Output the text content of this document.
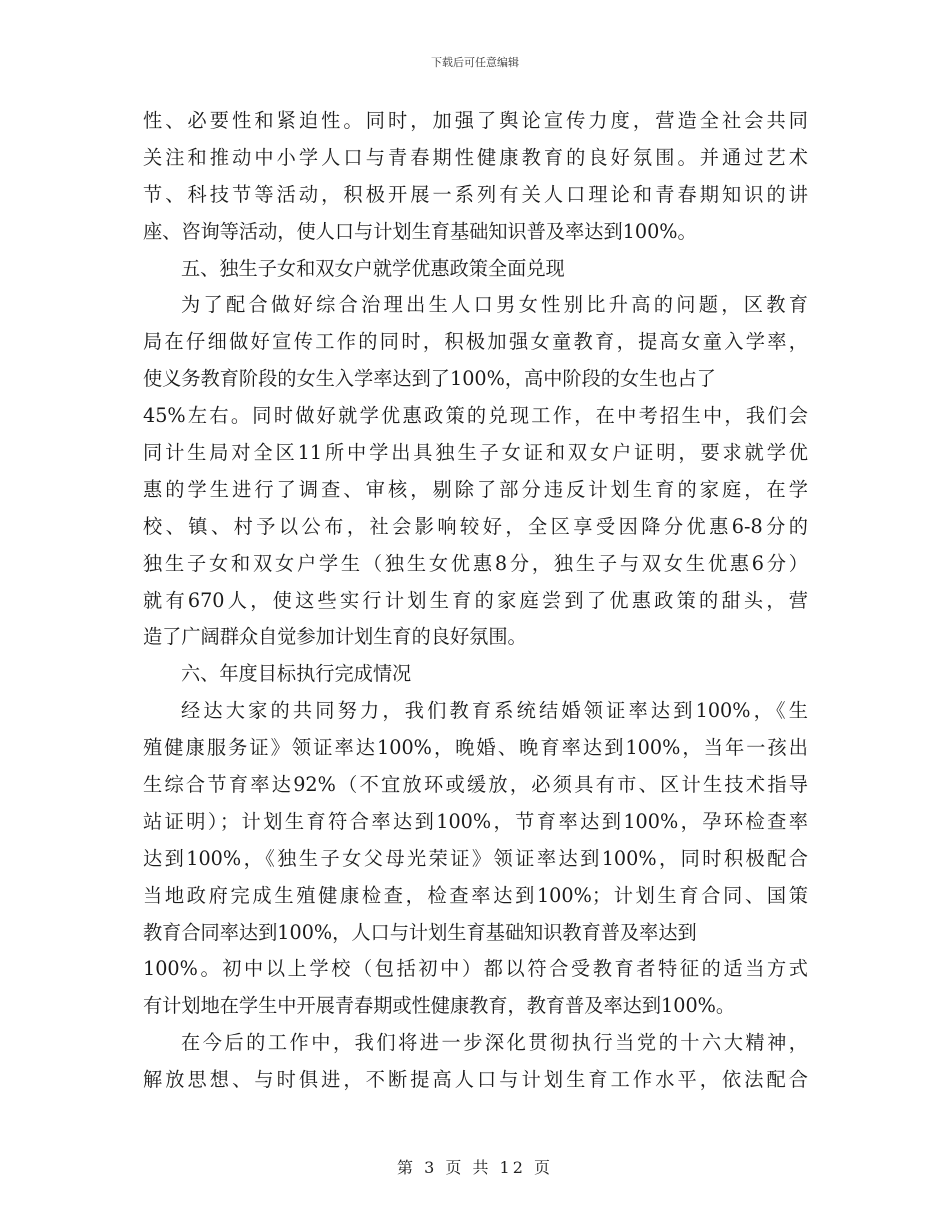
下载后可任意编辑
性、必要性和紧迫性。同时，加强了舆论宣传力度，营造全社会共同
关注和推动中小学人口与青春期性健康教育的良好氛围。并通过艺术
节、科技节等活动，积极开展一系列有关人口理论和青春期知识的讲
座、咨询等活动，使人口与计划生育基础知识普及率达到100%。
五、独生子女和双女户就学优惠政策全面兑现
为了配合做好综合治理出生人口男女性别比升高的问题，区教育
局在仔细做好宣传工作的同时，积极加强女童教育，提高女童入学率，
使义务教育阶段的女生入学率达到了100%，高中阶段的女生也占了
45%左右。同时做好就学优惠政策的兑现工作，在中考招生中，我们会
同计生局对全区11所中学出具独生子女证和双女户证明，要求就学优
惠的学生进行了调查、审核，剔除了部分违反计划生育的家庭，在学
校、镇、村予以公布，社会影响较好，全区享受因降分优惠6-8分的
独生子女和双女户学生（独生女优惠8分，独生子与双女生优惠6分）
就有670人，使这些实行计划生育的家庭尝到了优惠政策的甜头，营
造了广阔群众自觉参加计划生育的良好氛围。
六、年度目标执行完成情况
经达大家的共同努力，我们教育系统结婚领证率达到100%，《生
殖健康服务证》领证率达100%，晚婚、晚育率达到100%，当年一孩出
生综合节育率达92%（不宜放环或缓放，必须具有市、区计生技术指导
站证明）；计划生育符合率达到100%，节育率达到100%，孕环检查率
达到100%，《独生子女父母光荣证》领证率达到100%，同时积极配合
当地政府完成生殖健康检查，检查率达到100%；计划生育合同、国策
教育合同率达到100%，人口与计划生育基础知识教育普及率达到
100%。初中以上学校（包括初中）都以符合受教育者特征的适当方式
有计划地在学生中开展青春期或性健康教育，教育普及率达到100%。
在今后的工作中，我们将进一步深化贯彻执行当党的十六大精神，
解放思想、与时俱进，不断提高人口与计划生育工作水平，依法配合
第 3 页 共 12 页
